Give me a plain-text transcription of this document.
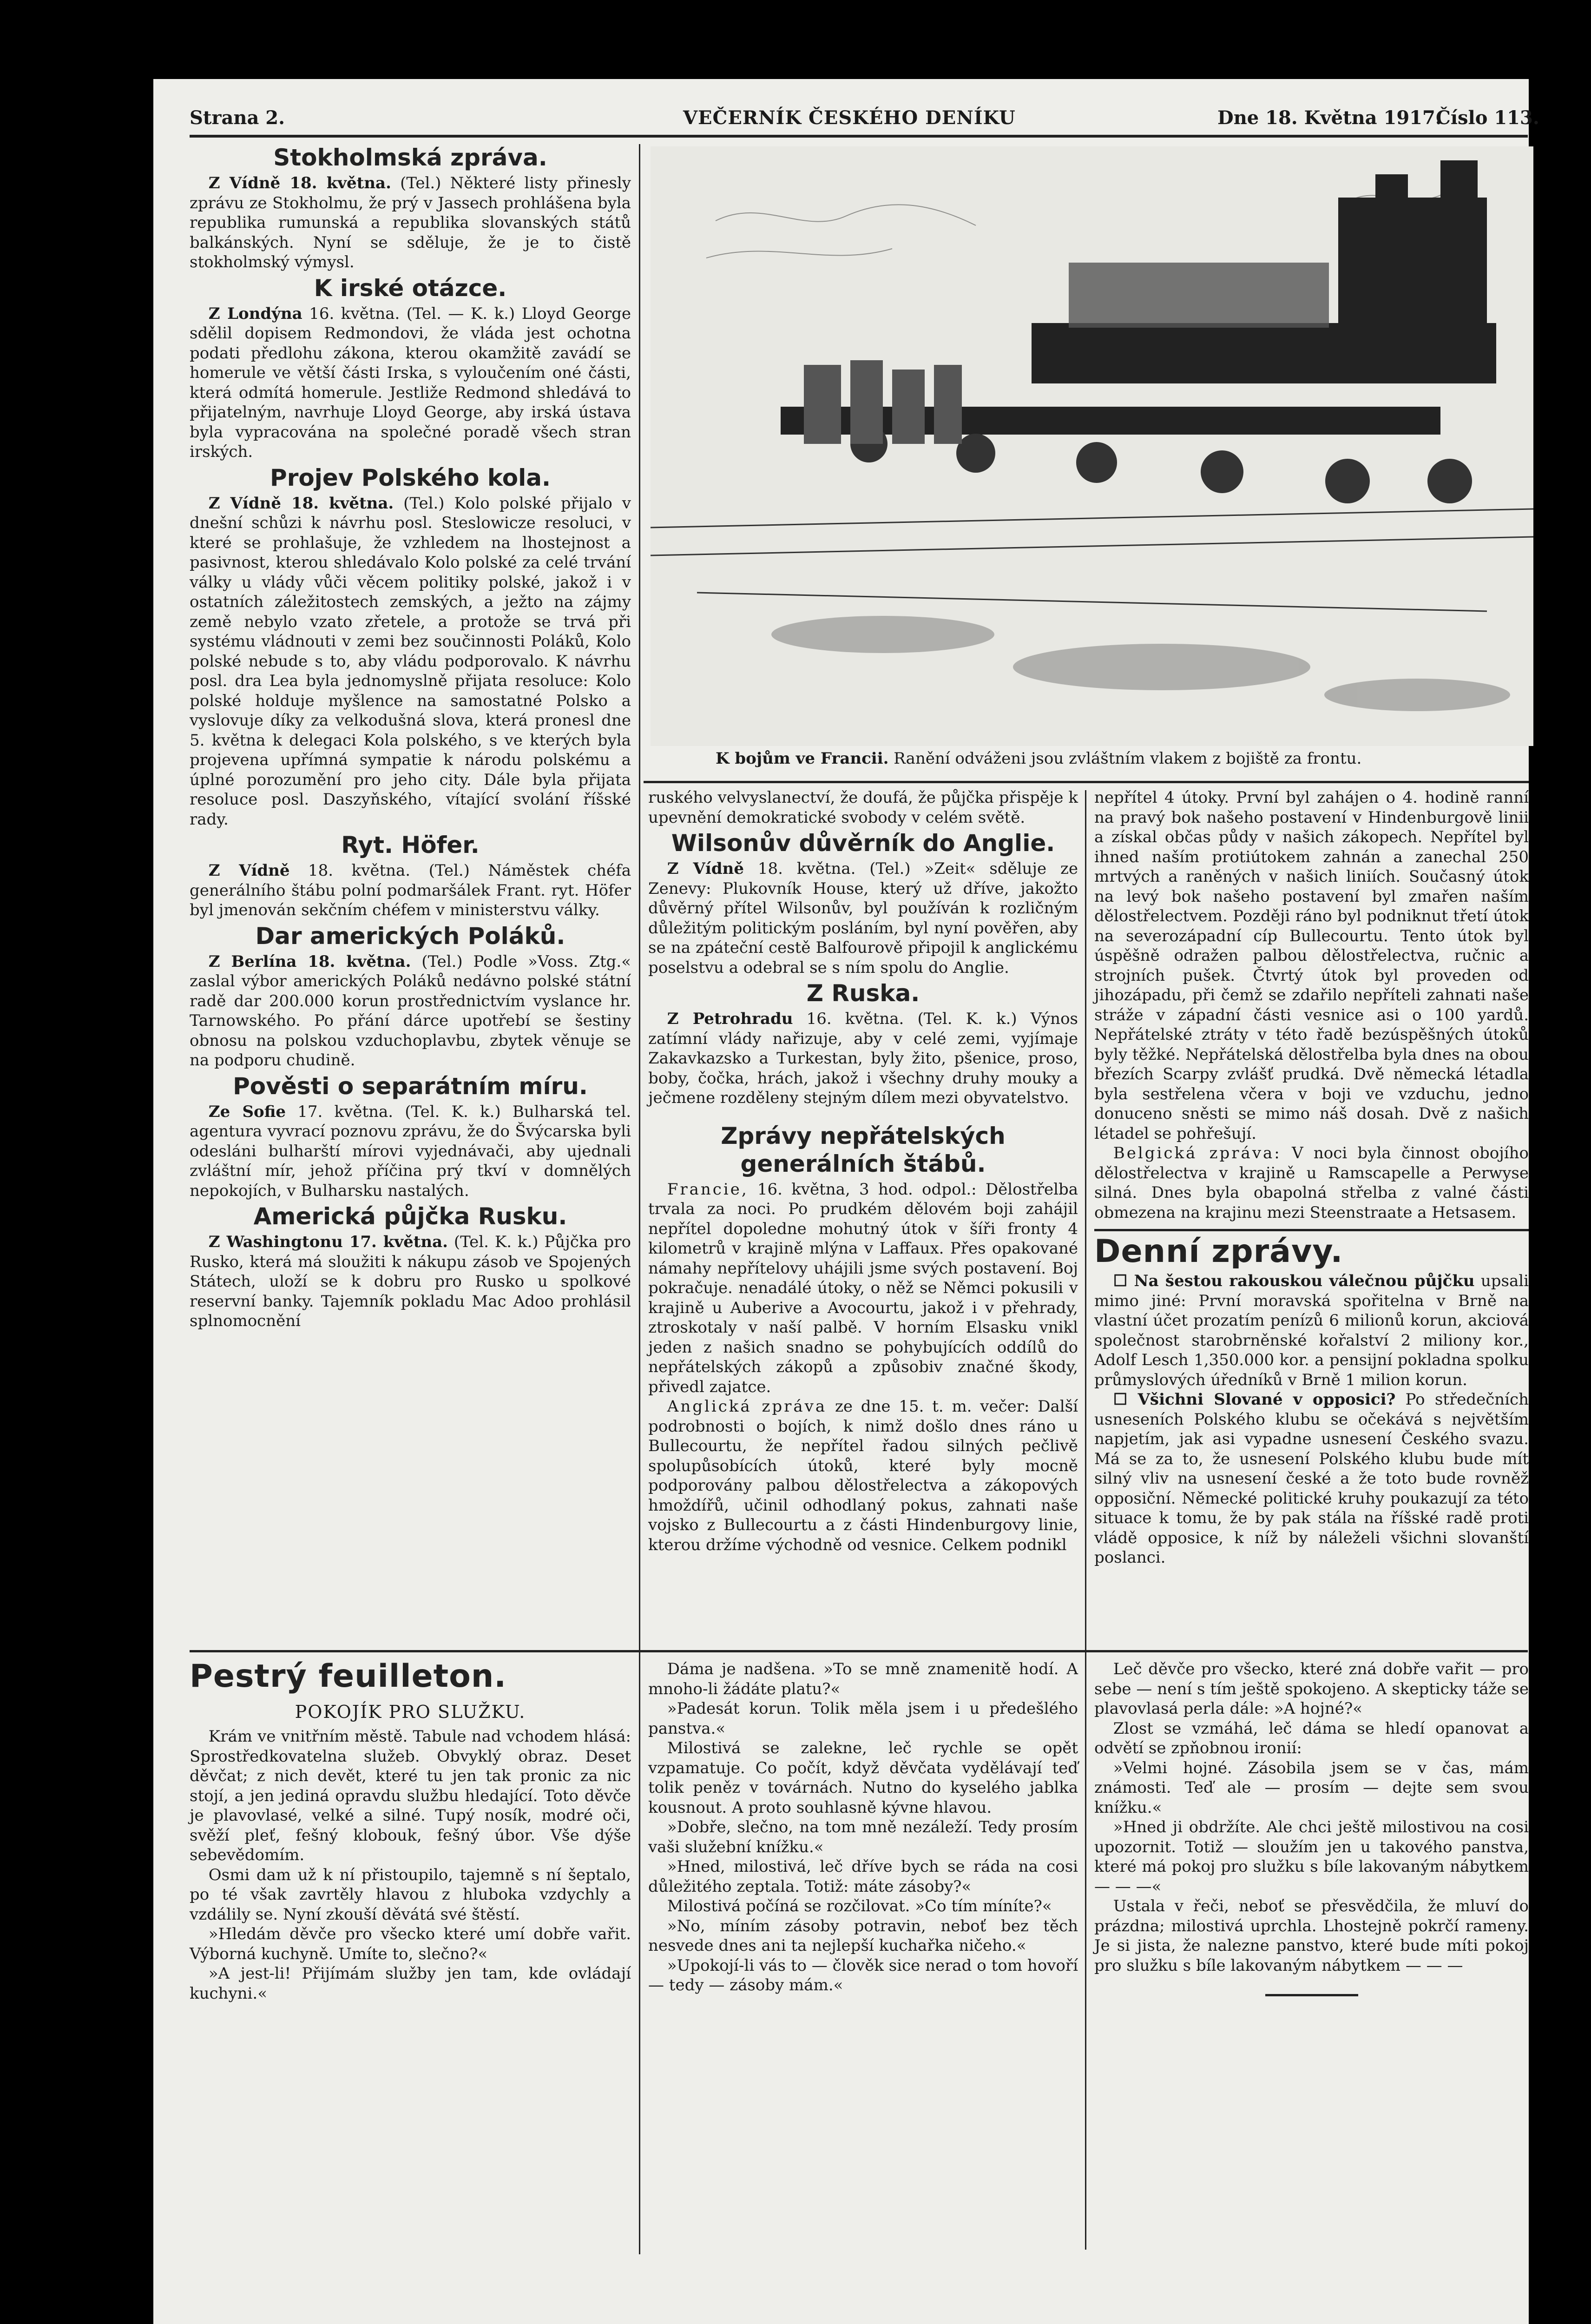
Strana 2.	VEČERNÍK ČESKÉHO DENÍKU	Dne 18. Května 1917.
Číslo 113.
K bojům ve Francii. Ranění odváženi jsou zvláštním vlakem z bojiště za frontu.
Stokholmská zpráva.

Z Vídně 18. května. (Tel.) Některé listy přinesly zprávu ze Stokholmu, že prý v Jassech prohlášena byla republika rumunská a republika slovanských států balkánských. Nyní se sděluje, že je to čistě stokholmský výmysl.

K irské otázce.

Z Londýna 16. května. (Tel. — K. k.) Lloyd George sdělil dopisem Redmondovi, že vláda jest ochotna podati předlohu zákona, kterou okamžitě zavádí se homerule ve větší části Irska, s vyloučením oné části, která odmítá homerule. Jestliže Redmond shledává to přijatelným, navrhuje Lloyd George, aby irská ústava byla vypracována na společné poradě všech stran irských.

Projev Polského kola.

Z Vídně 18. května. (Tel.) Kolo polské přijalo v dnešní schůzi k návrhu posl. Steslowicze resoluci, v které se prohlašuje, že vzhledem na lhostejnost a pasivnost, kterou shledávalo Kolo polské za celé trvání války u vlády vůči věcem politiky polské, jakož i v ostatních záležitostech zemských, a ježto na zájmy země nebylo vzato zřetele, a protože se trvá při systému vládnouti v zemi bez součinnosti Poláků, Kolo polské nebude s to, aby vládu podporovalo. K návrhu posl. dra Lea byla jednomyslně přijata resoluce: Kolo polské holduje myšlence na samostatné Polsko a vyslovuje díky za velkodušná slova, která pronesl dne 5. května k delegaci Kola polského, s ve kterých byla projevena upřímná sympatie k národu polskému a úplné porozumění pro jeho city. Dále byla přijata resoluce posl. Daszyňského, vítající svolání říšské rady.

Ryt. Höfer.

Z Vídně 18. května. (Tel.) Náměstek chéfa generálního štábu polní podmaršálek Frant. ryt. Höfer byl jmenován sekčním chéfem v ministerstvu války.

Dar amerických Poláků.

Z Berlína 18. května. (Tel.) Podle »Voss. Ztg.« zaslal výbor amerických Poláků nedávno polské státní radě dar 200.000 korun prostřednictvím vyslance hr. Tarnowského. Po přání dárce upotřebí se šestiny obnosu na polskou vzduchoplavbu, zbytek věnuje se na podporu chudině.

Pověsti o separátním míru.

Ze Sofie 17. května. (Tel. K. k.) Bulharská tel. agentura vyvrací poznovu zprávu, že do Švýcarska byli odesláni bulharští mírovi vyjednávači, aby ujednali zvláštní mír, jehož příčina prý tkví v domnělých nepokojích, v Bulharsku nastalých.

Americká půjčka Rusku.

Z Washingtonu 17. května. (Tel. K. k.) Půjčka pro Rusko, která má sloužiti k nákupu zásob ve Spojených Státech, uloží se k dobru pro Rusko u spolkové reservní banky. Tajemník pokladu Mac Adoo prohlásil splnomocnění

ruského velvyslanectví, že doufá, že půjčka přispěje k upevnění demokratické svobody v celém světě.

Wilsonův důvěrník do Anglie.

Z Vídně 18. května. (Tel.) »Zeit« sděluje ze Zenevy: Plukovník House, který už dříve, jakožto důvěrný přítel Wilsonův, byl používán k rozličným důležitým politickým posláním, byl nyní pověřen, aby se na zpáteční cestě Balfourově připojil k anglickému poselstvu a odebral se s ním spolu do Anglie.

Z Ruska.

Z Petrohradu 16. května. (Tel. K. k.) Výnos zatímní vlády nařizuje, aby v celé zemi, vyjímaje Zakavkazsko a Turkestan, byly žito, pšenice, proso, boby, čočka, hrách, jakož i všechny druhy mouky a ječmene rozděleny stejným dílem mezi obyvatelstvo.

Zprávy nepřátelských generálních štábů.

Francie, 16. května, 3 hod. odpol.: Dělostřelba trvala za noci. Po prudkém dělovém boji zahájil nepřítel dopoledne mohutný útok v šíři fronty 4 kilometrů v krajině mlýna v Laffaux. Přes opakované námahy nepřítelovy uhájili jsme svých postavení. Boj pokračuje. nenadálé útoky, o něž se Němci pokusili v krajině u Auberive a Avocourtu, jakož i v přehrady, ztroskotaly v naší palbě. V horním Elsasku vnikl jeden z našich snadno se pohybujících oddílů do nepřátelských zákopů a způsobiv značné škody, přivedl zajatce.

Anglická zpráva ze dne 15. t. m. večer: Další podrobnosti o bojích, k nimž došlo dnes ráno u Bullecourtu, že nepřítel řadou silných pečlivě spolupůsobících útoků, které byly mocně podporovány palbou dělostřelectva a zákopových hmoždířů, učinil odhodlaný pokus, zahnati naše vojsko z Bullecourtu a z části Hindenburgovy linie, kterou držíme východně od vesnice. Celkem podnikl

nepřítel 4 útoky. První byl zahájen o 4. hodině ranní na pravý bok našeho postavení v Hindenburgově linii a získal občas půdy v našich zákopech. Nepřítel byl ihned naším protiútokem zahnán a zanechal 250 mrtvých a raněných v našich liniích. Současný útok na levý bok našeho postavení byl zmařen naším dělostřelectvem. Později ráno byl podniknut třetí útok na severozápadní cíp Bullecourtu. Tento útok byl úspěšně odražen palbou dělostřelectva, ručnic a strojních pušek. Čtvrtý útok byl proveden od jihozápadu, při čemž se zdařilo nepříteli zahnati naše stráže v západní části vesnice asi o 100 yardů. Nepřátelské ztráty v této řadě bezúspěšných útoků byly těžké. Nepřátelská dělostřelba byla dnes na obou březích Scarpy zvlášť prudká. Dvě německá létadla byla sestřelena včera v boji ve vzduchu, jedno donuceno sněsti se mimo náš dosah. Dvě z našich létadel se pohřešují.

Belgická zpráva: V noci byla činnost obojího dělostřelectva v krajině u Ramscapelle a Perwyse silná. Dnes byla obapolná střelba z valné části obmezena na krajinu mezi Steenstraate a Hetsasem.

Denní zprávy.

☐ Na šestou rakouskou válečnou půjčku upsali mimo jiné: První moravská spořitelna v Brně na vlastní účet prozatím penízů 6 milionů korun, akciová společnost starobrněnské kořalství 2 miliony kor., Adolf Lesch 1,350.000 kor. a pensijní pokladna spolku průmyslových úředníků v Brně 1 milion korun.

☐ Všichni Slované v opposici? Po středečních usneseních Polského klubu se očekává s největším napjetím, jak asi vypadne usnesení Českého svazu. Má se za to, že usnesení Polského klubu bude mít silný vliv na usnesení české a že toto bude rovněž opposiční. Německé politické kruhy poukazují za této situace k tomu, že by pak stála na říšské radě proti vládě opposice, k níž by náleželi všichni slovanští poslanci.

Pestrý feuilleton.
POKOJÍK PRO SLUŽKU.

Krám ve vnitřním městě. Tabule nad vchodem hlásá: Sprostředkovatelna služeb. Obvyklý obraz. Deset děvčat; z nich devět, které tu jen tak pronic za nic stojí, a jen jediná opravdu službu hledající. Toto děvče je plavovlasé, velké a silné. Tupý nosík, modré oči, svěží pleť, fešný klobouk, fešný úbor. Vše dýše sebevědomím.

Osmi dam už k ní přistoupilo, tajemně s ní šeptalo, po té však zavrtěly hlavou z hluboka vzdychly a vzdálily se. Nyní zkouší děvátá své štěstí.

»Hledám děvče pro všecko které umí dobře vařit. Výborná kuchyně. Umíte to, slečno?«

»A jest-li! Přijímám služby jen tam, kde ovládají kuchyni.«

Dáma je nadšena. »To se mně znamenitě hodí. A mnoho-li žádáte platu?«

»Padesát korun. Tolik měla jsem i u předešlého panstva.«

Milostivá se zalekne, leč rychle se opět vzpamatuje. Co počít, když děvčata vydělávají teď tolik peněz v továrnách. Nutno do kyselého jablka kousnout. A proto souhlasně kývne hlavou.

»Dobře, slečno, na tom mně nezáleží. Tedy prosím vaši služební knížku.«

»Hned, milostivá, leč dříve bych se ráda na cosi důležitého zeptala. Totiž: máte zásoby?«

Milostivá počíná se rozčilovat. »Co tím míníte?«

»No, míním zásoby potravin, neboť bez těch nesvede dnes ani ta nejlepší kuchařka ničeho.«

»Upokojí-li vás to — člověk sice nerad o tom hovoří — tedy — zásoby mám.«

Leč děvče pro všecko, které zná dobře vařit — pro sebe — není s tím ještě spokojeno. A skepticky táže se plavovlasá perla dále: »A hojné?«

Zlost se vzmáhá, leč dáma se hledí opanovat a odvětí se zpňobnou ironií:

»Velmi hojné. Zásobila jsem se v čas, mám známosti. Teď ale — prosím — dejte sem svou knížku.«

»Hned ji obdržíte. Ale chci ještě milostivou na cosi upozornit. Totiž — sloužím jen u takového panstva, které má pokoj pro služku s bíle lakovaným nábytkem — — —«

Ustala v řeči, neboť se přesvědčila, že mluví do prázdna; milostivá uprchla. Lhostejně pokrčí rameny. Je si jista, že nalezne panstvo, které bude míti pokoj pro služku s bíle lakovaným nábytkem — — —
